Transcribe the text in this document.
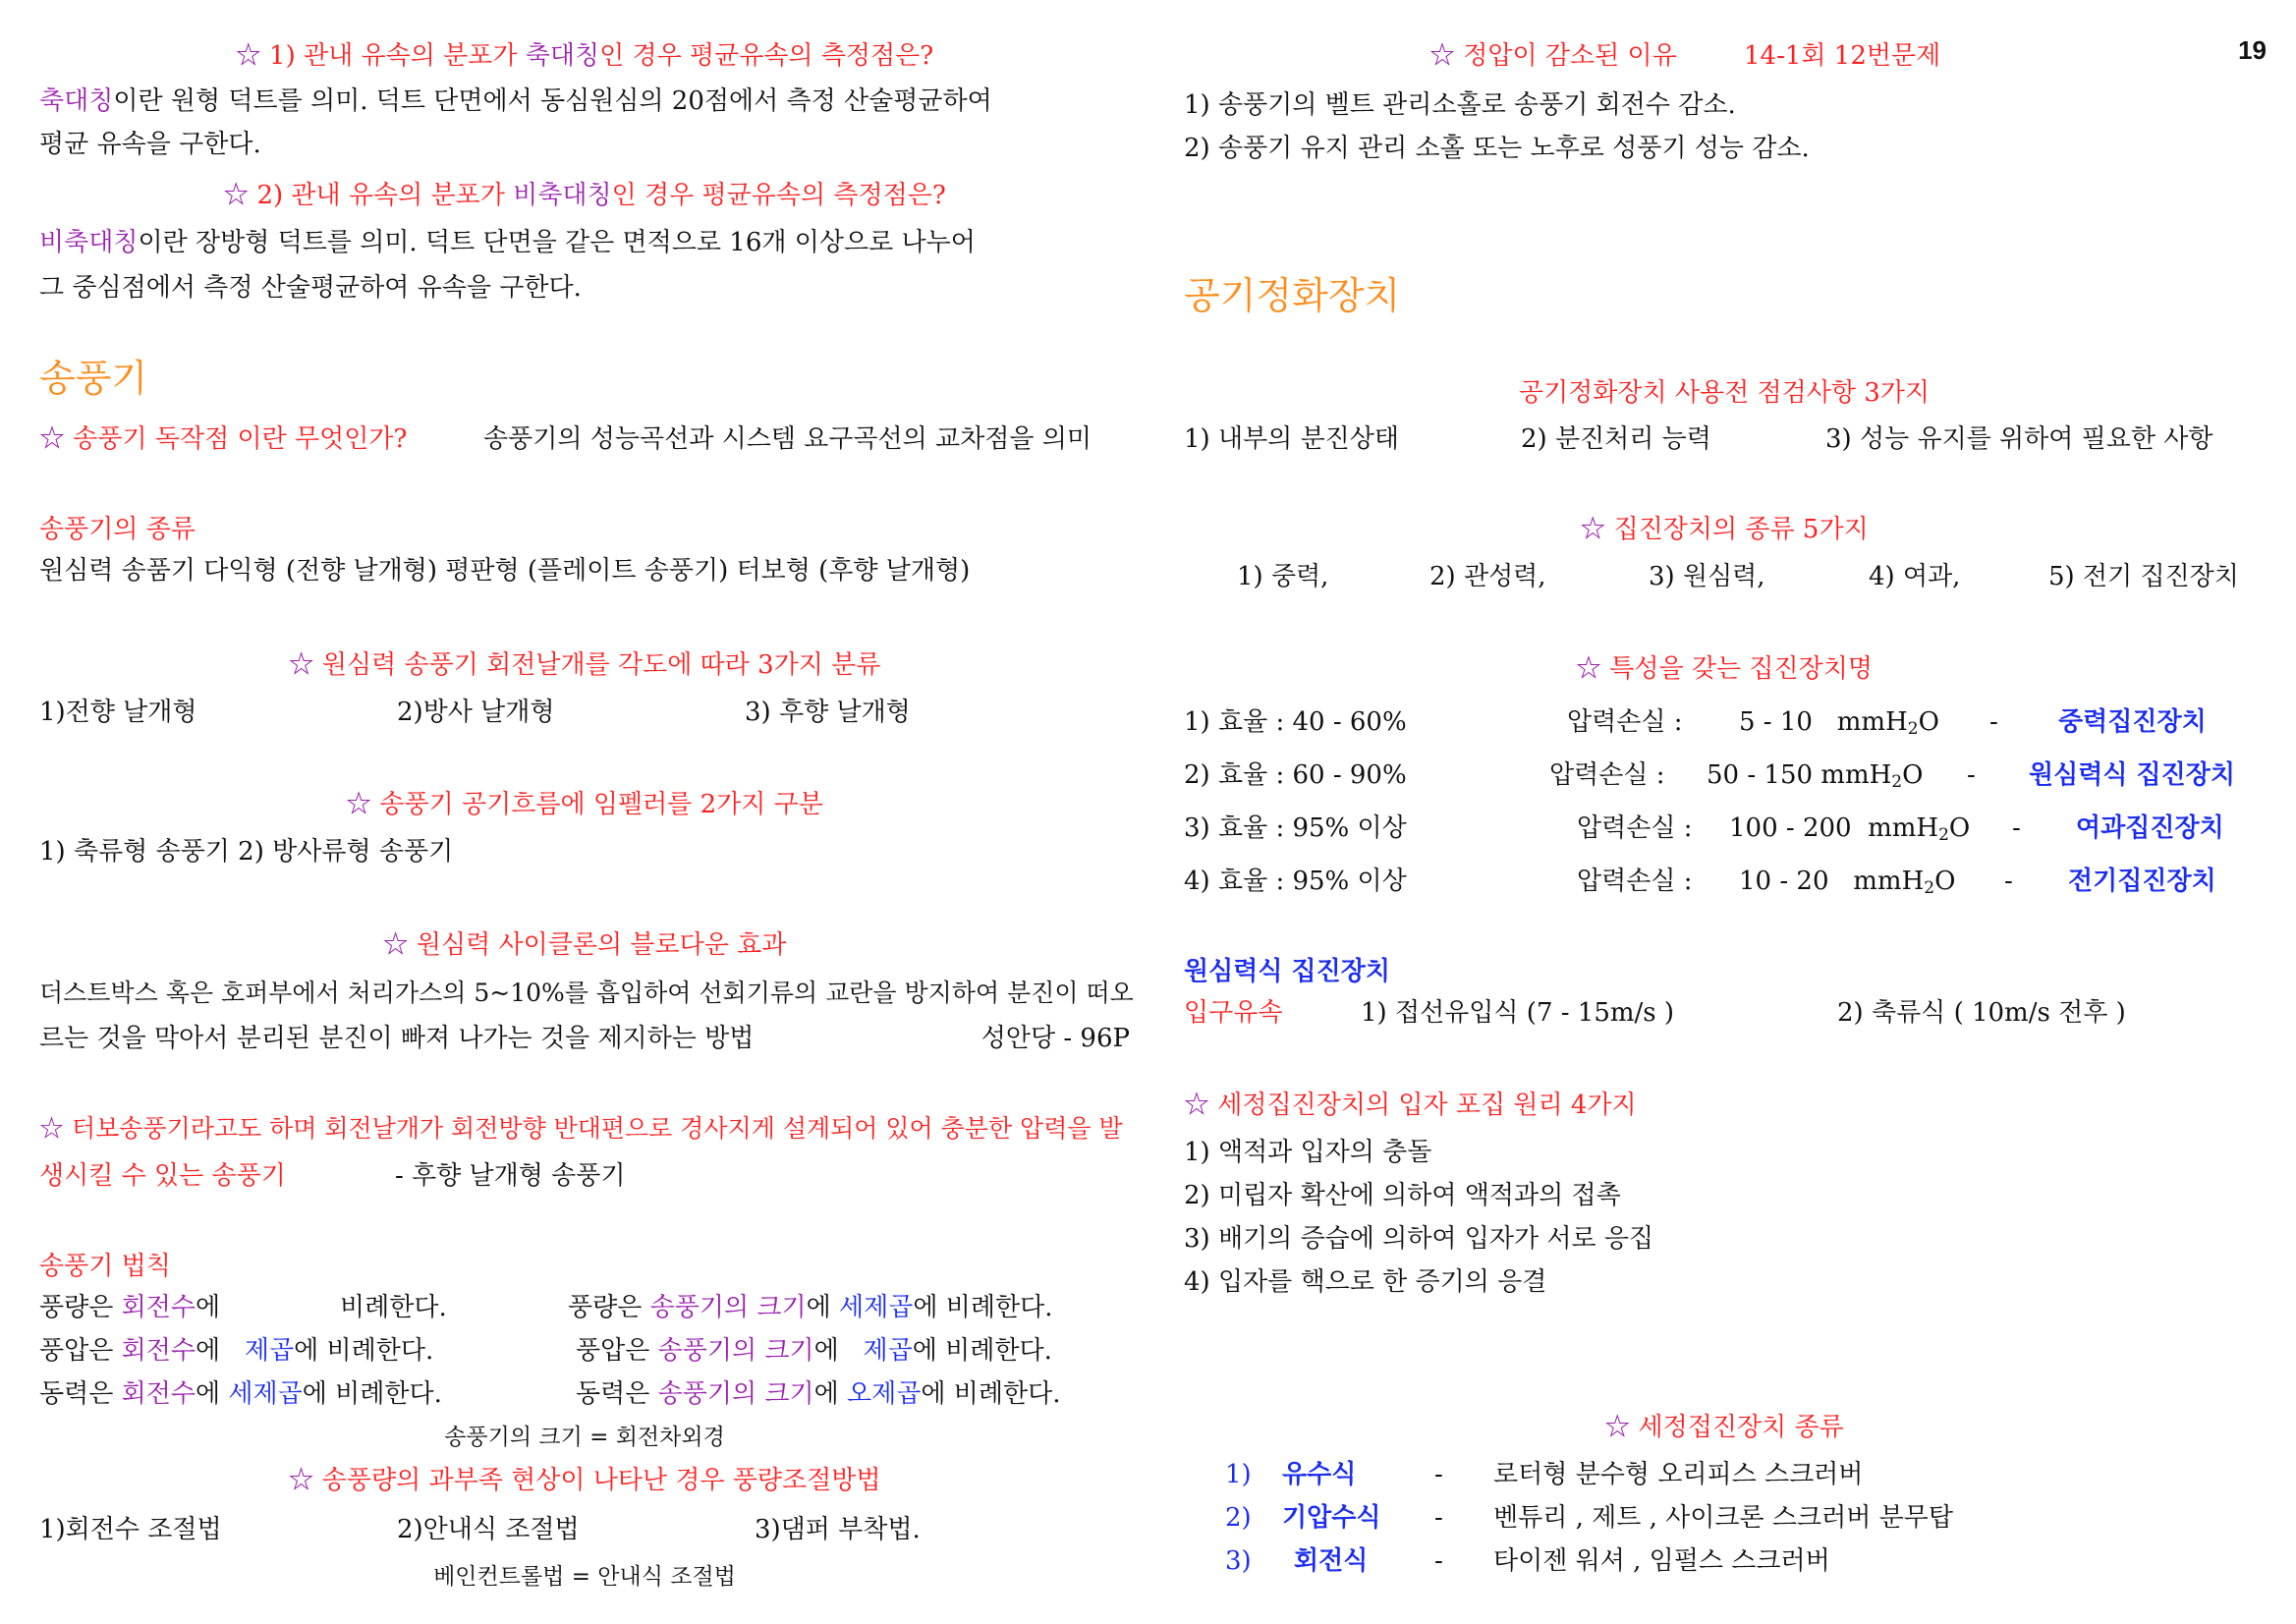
19
☆ 1) 관내 유속의 분포가 축대칭인 경우 평균유속의 측정점은?
축대칭이란 원형 덕트를 의미. 덕트 단면에서 동심원심의 20점에서 측정 산술평균하여
평균 유속을 구한다.
☆ 2) 관내 유속의 분포가 비축대칭인 경우 평균유속의 측정점은?
비축대칭이란 장방형 덕트를 의미. 덕트 단면을 같은 면적으로 16개 이상으로 나누어
그 중심점에서 측정 산술평균하여 유속을 구한다.
송풍기
☆ 송풍기 독작점 이란 무엇인가?	송풍기의 성능곡선과 시스템 요구곡선의 교차점을 의미
송풍기의 종류
원심력 송품기 다익형 (전향 날개형) 평판형 (플레이트 송풍기) 터보형 (후향 날개형)
☆ 원심력 송풍기 회전날개를 각도에 따라 3가지 분류
1)전향 날개형	2)방사 날개형	3) 후향 날개형
☆ 송풍기 공기흐름에 임펠러를 2가지 구분
1) 축류형 송풍기 2) 방사류형 송풍기
☆ 원심력 사이클론의 블로다운 효과
더스트박스 혹은 호퍼부에서 처리가스의 5~10%를 흡입하여 선회기류의 교란을 방지하여 분진이 떠오
르는 것을 막아서 분리된 분진이 빠져 나가는 것을 제지하는 방법	성안당 - 96P
☆ 터보송풍기라고도 하며 회전날개가 회전방향 반대편으로 경사지게 설계되어 있어 충분한 압력을 발
생시킬 수 있는 송풍기	- 후향 날개형 송풍기
송풍기 법칙
풍량은 회전수에	비례한다.	풍량은 송풍기의 크기에 세제곱에 비례한다.
풍압은 회전수에 제곱에 비례한다.	풍압은 송풍기의 크기에 제곱에 비례한다.
동력은 회전수에 세제곱에 비례한다.	동력은 송풍기의 크기에 오제곱에 비례한다.
송풍기의 크기 = 회전차외경
☆ 송풍량의 과부족 현상이 나타난 경우 풍량조절방법
1)회전수 조절법	2)안내식 조절법	3)댐퍼 부착법.
베인컨트롤법 = 안내식 조절법
☆ 정압이 감소된 이유	14-1회 12번문제
1) 송풍기의 벨트 관리소홀로 송풍기 회전수 감소.
2) 송풍기 유지 관리 소홀 또는 노후로 성풍기 성능 감소.
공기정화장치
공기정화장치 사용전 점검사항 3가지
1) 내부의 분진상태	2) 분진처리 능력	3) 성능 유지를 위하여 필요한 사항
☆ 집진장치의 종류 5가지
1) 중력,	2) 관성력,	3) 원심력,	4) 여과,	5) 전기 집진장치
☆ 특성을 갖는 집진장치명
1) 효율 : 40 - 60%	압력손실 : 5 - 10 mmH$_2$O - 중력집진장치
2) 효율 : 60 - 90%	압력손실 : 50 - 150 mmH$_2$O - 원심력식 집진장치
3) 효율 : 95% 이상	압력손실 : 100 - 200 mmH$_2$O - 여과집진장치
4) 효율 : 95% 이상	압력손실 : 10 - 20 mmH$_2$O - 전기집진장치
원심력식 집진장치
입구유속	1) 접선유입식 (7 - 15m/s )	2) 축류식 ( 10m/s 전후 )
☆ 세정집진장치의 입자 포집 원리 4가지
1) 액적과 입자의 충돌
2) 미립자 확산에 의하여 액적과의 접촉
3) 배기의 증습에 의하여 입자가 서로 응집
4) 입자를 핵으로 한 증기의 응결
☆ 세정접진장치 종류
1) 유수식	- 로터형 분수형 오리피스 스크러버
2) 기압수식 - 벤튜리 , 제트 , 사이크론 스크러버 분무탑
3) 회전식	- 타이젠 워셔 , 임펄스 스크러버
